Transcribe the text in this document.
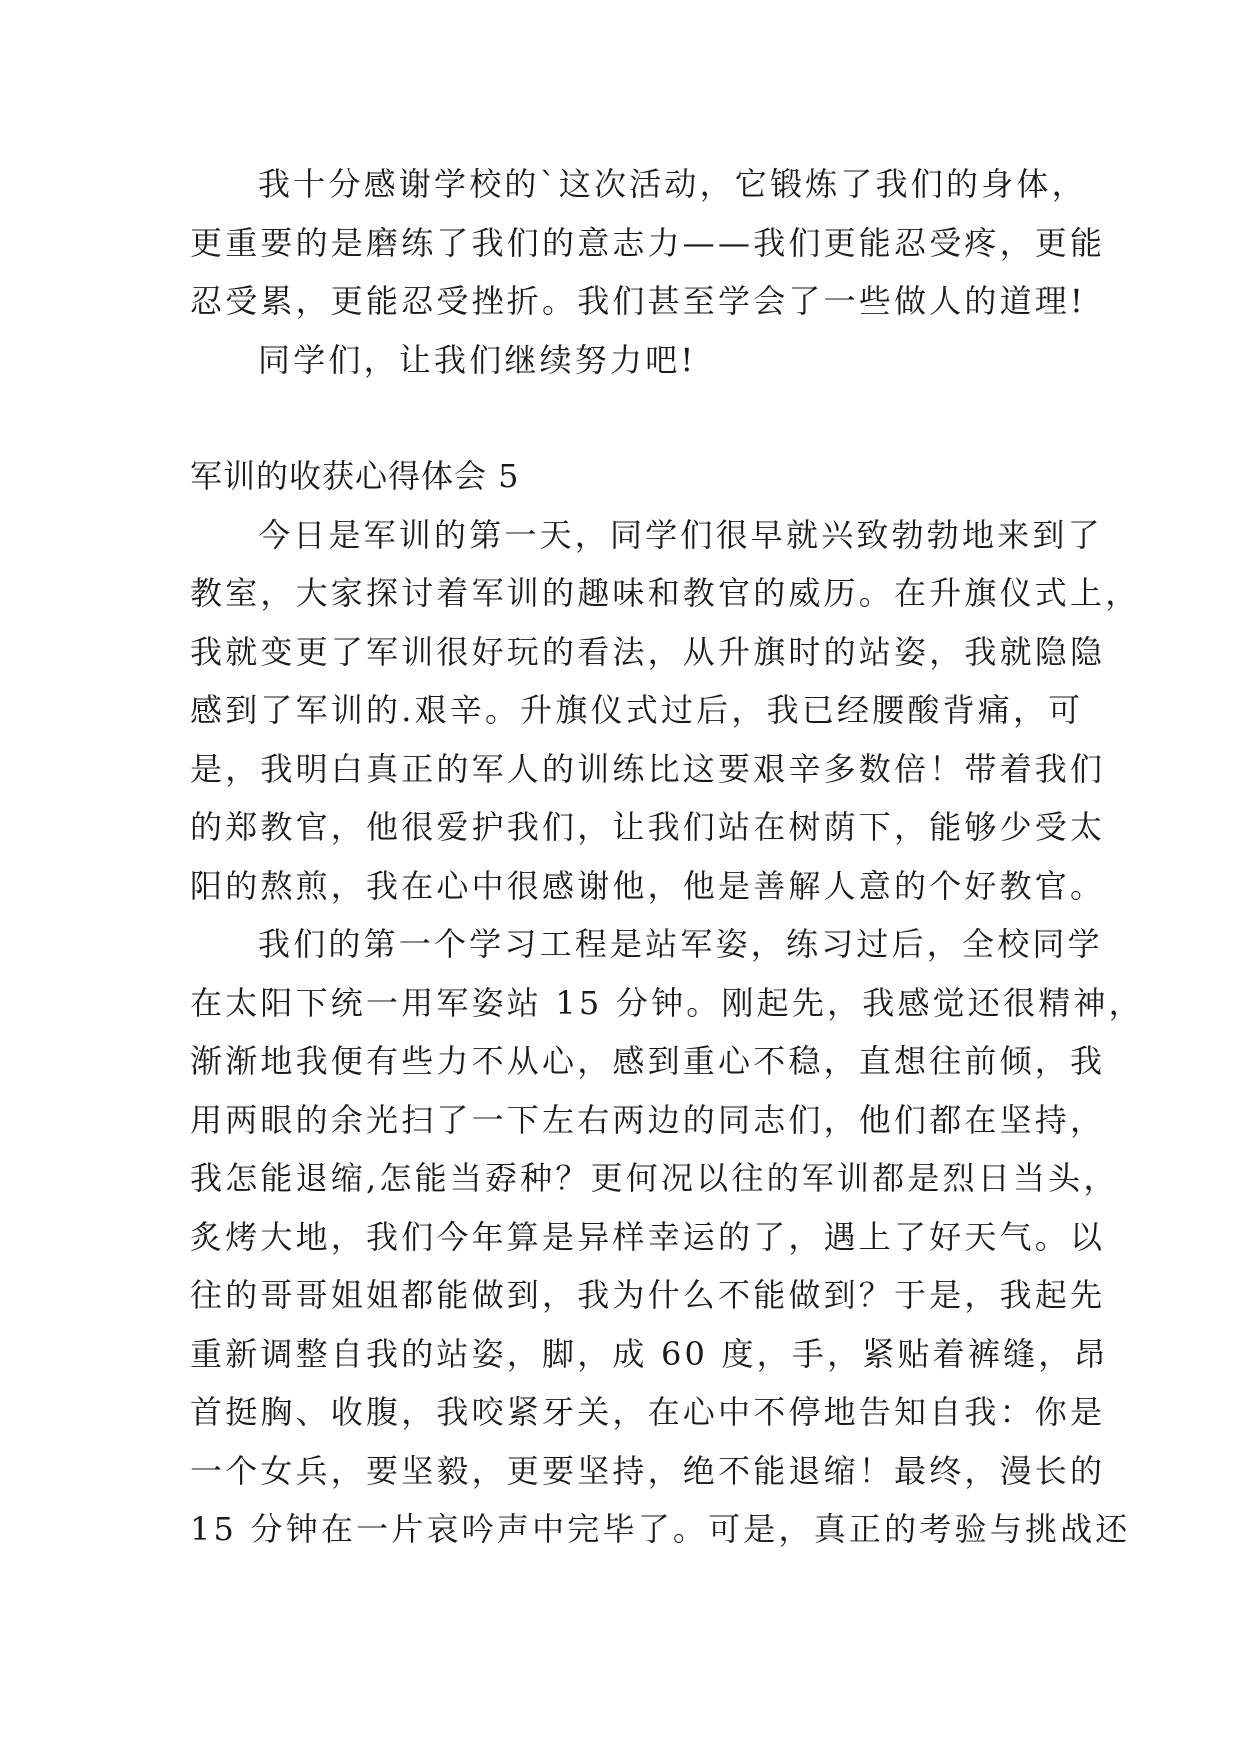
我十分感谢学校的`这次活动，它锻炼了我们的身体，
更重要的是磨练了我们的意志力——我们更能忍受疼，更能
忍受累，更能忍受挫折。我们甚至学会了一些做人的道理!
同学们，让我们继续努力吧!
军训的收获心得体会 5
今日是军训的第一天，同学们很早就兴致勃勃地来到了
教室，大家探讨着军训的趣味和教官的威历。在升旗仪式上，
我就变更了军训很好玩的看法，从升旗时的站姿，我就隐隐
感到了军训的.艰辛。升旗仪式过后，我已经腰酸背痛，可
是，我明白真正的军人的训练比这要艰辛多数倍！带着我们
的郑教官，他很爱护我们，让我们站在树荫下，能够少受太
阳的熬煎，我在心中很感谢他，他是善解人意的个好教官。
我们的第一个学习工程是站军姿，练习过后，全校同学
在太阳下统一用军姿站 15 分钟。刚起先，我感觉还很精神，
渐渐地我便有些力不从心，感到重心不稳，直想往前倾，我
用两眼的余光扫了一下左右两边的同志们，他们都在坚持，
我怎能退缩,怎能当孬种？更何况以往的军训都是烈日当头，
炙烤大地，我们今年算是异样幸运的了，遇上了好天气。以
往的哥哥姐姐都能做到，我为什么不能做到？于是，我起先
重新调整自我的站姿，脚，成 60 度，手，紧贴着裤缝，昂
首挺胸、收腹，我咬紧牙关，在心中不停地告知自我：你是
一个女兵，要坚毅，更要坚持，绝不能退缩！最终，漫长的
15 分钟在一片哀吟声中完毕了。可是，真正的考验与挑战还
